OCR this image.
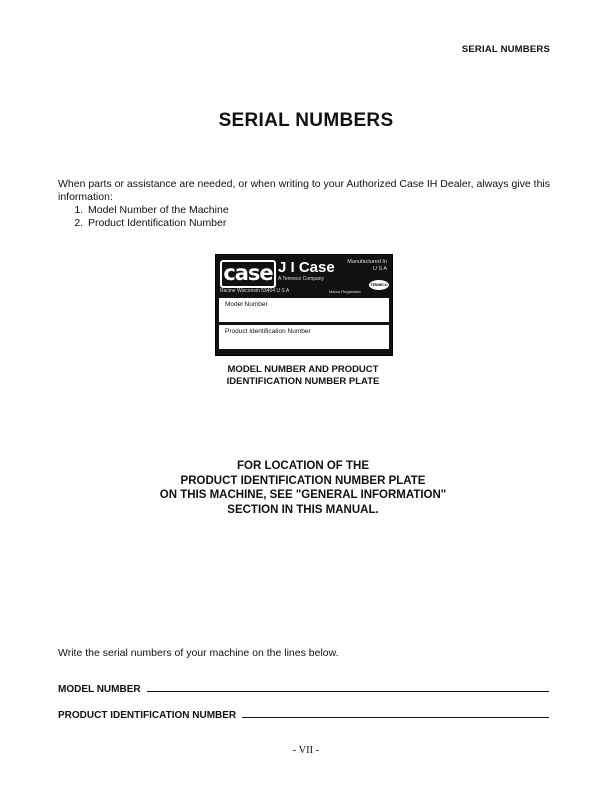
SERIAL NUMBERS
SERIAL NUMBERS
When parts or assistance are needed, or when writing to your Authorized Case IH Dealer, always give this information:
1. Model Number of the Machine
2. Product Identification Number
case J I Case
A Tenneco Company
Manufactured In U S A
Racine Wisconsin 53404 U S A	Marca Registrada
TENNECO
Model Number
Product Identification Number
MODEL NUMBER AND PRODUCT
IDENTIFICATION NUMBER PLATE
FOR LOCATION OF THE
PRODUCT IDENTIFICATION NUMBER PLATE
ON THIS MACHINE, SEE "GENERAL INFORMATION"
SECTION IN THIS MANUAL.
Write the serial numbers of your machine on the lines below.
MODEL NUMBER
PRODUCT IDENTIFICATION NUMBER
- VII -
